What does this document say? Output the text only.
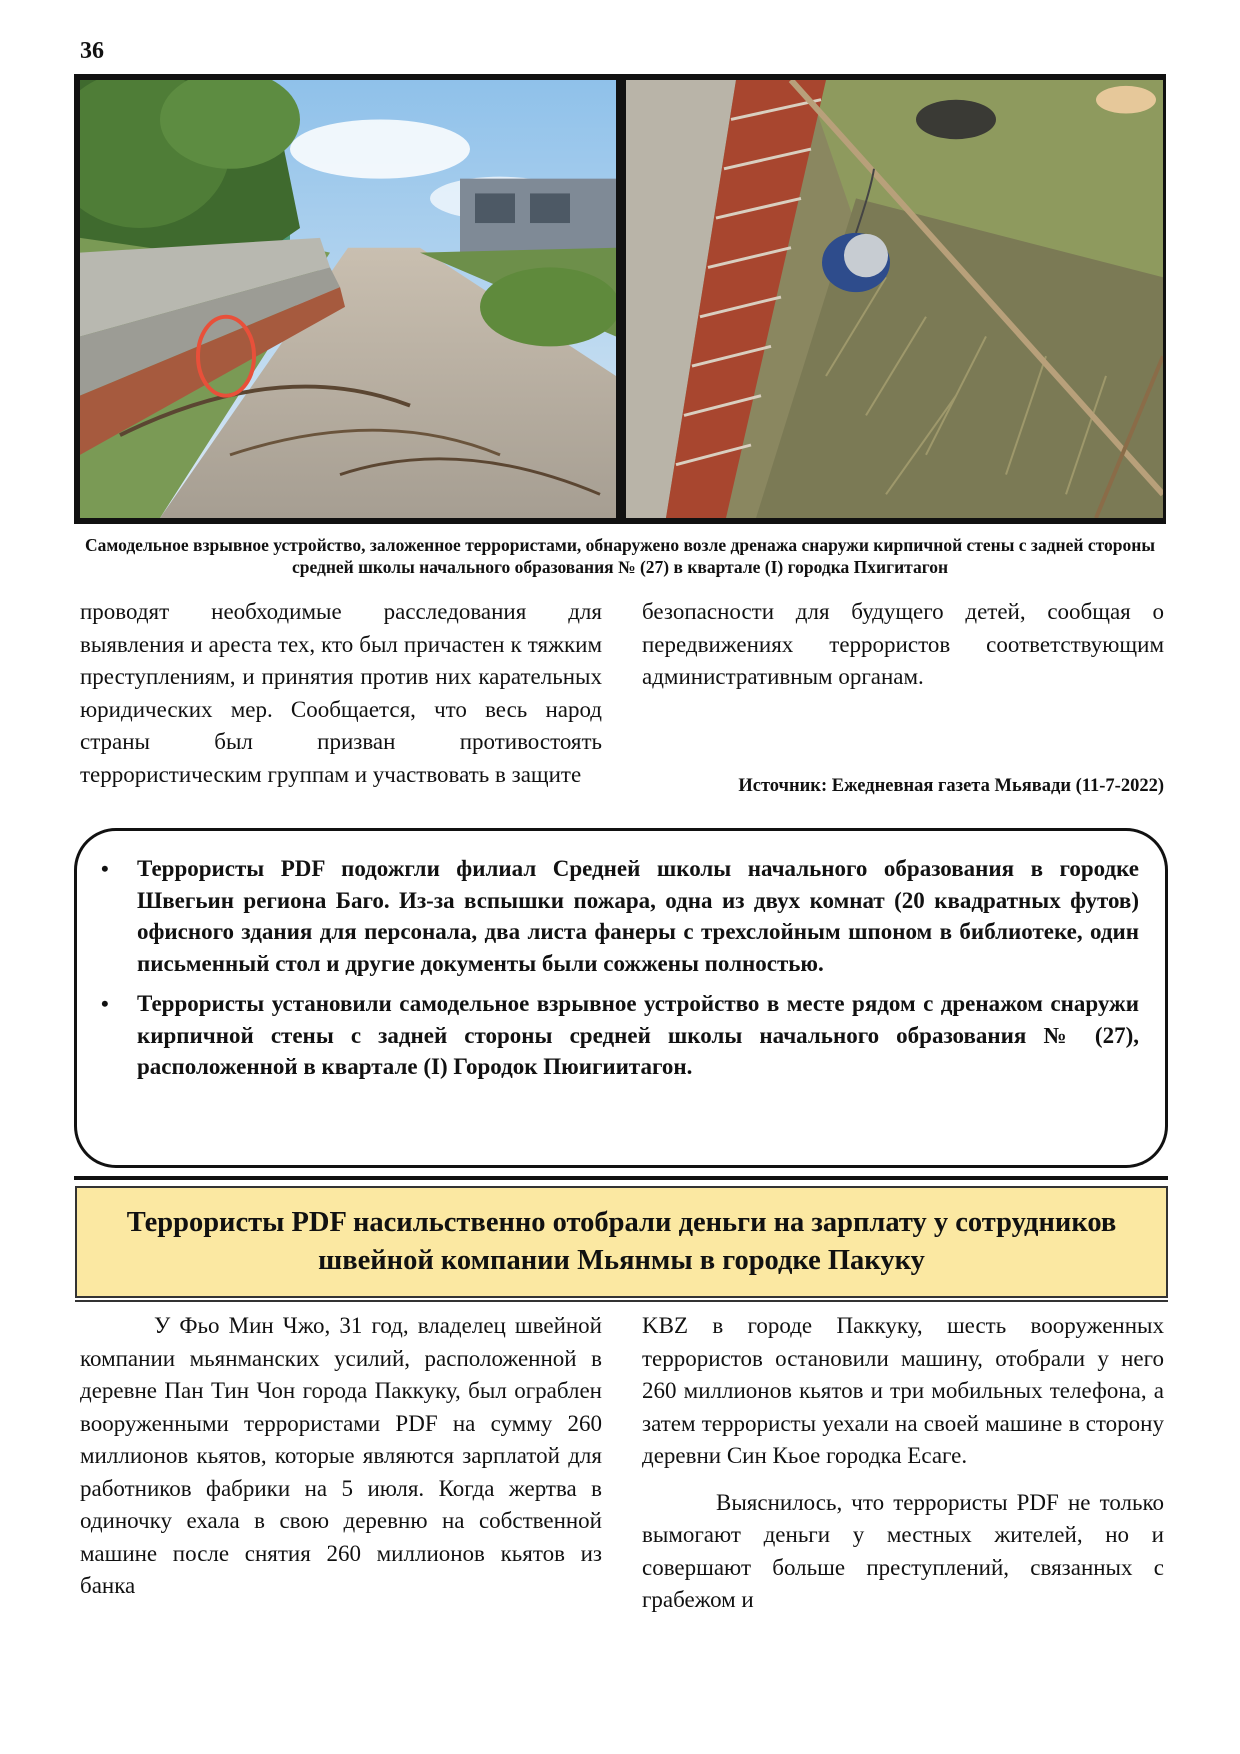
36
Самодельное взрывное устройство, заложенное террористами, обнаружено возле дренажа снаружи кирпичной стены с задней стороны средней школы начального образования № (27) в квартале (I) городка Пхигитагон

проводят необходимые расследования для выявления и ареста тех, кто был причастен к тяжким преступлениям, и принятия против них карательных юридических мер. Сообщается, что весь народ страны был призван противостоять террористическим группам и участвовать в защите

безопасности для будущего детей, сообщая о передвижениях террористов соответствующим административным органам.

Источник: Ежедневная газета Мьявади (11-7-2022)
• Террористы PDF подожгли филиал Средней школы начального образования в городке Швегьин региона Баго. Из-за вспышки пожара, одна из двух комнат (20 квадратных футов) офисного здания для персонала, два листа фанеры с трехслойным шпоном в библиотеке, один письменный стол и другие документы были сожжены полностью.
• Террористы установили самодельное взрывное устройство в месте рядом с дренажом снаружи кирпичной стены с задней стороны средней школы начального образования № (27), расположенной в квартале (I) Городок Пюигиитагон.
Террористы PDF насильственно отобрали деньги на зарплату у сотрудников швейной компании Мьянмы в городке Пакуку

У Фьо Мин Чжо, 31 год, владелец швейной компании мьянманских усилий, расположенной в деревне Пан Тин Чон города Паккуку, был ограблен вооруженными террористами PDF на сумму 260 миллионов кьятов, которые являются зарплатой для работников фабрики на 5 июля. Когда жертва в одиночку ехала в свою деревню на собственной машине после снятия 260 миллионов кьятов из банка

KBZ в городе Паккуку, шесть вооруженных террористов остановили машину, отобрали у него 260 миллионов кьятов и три мобильных телефона, а затем террористы уехали на своей машине в сторону деревни Син Кьое городка Есаге.

Выяснилось, что террористы PDF не только вымогают деньги у местных жителей, но и совершают больше преступлений, связанных с грабежом и
